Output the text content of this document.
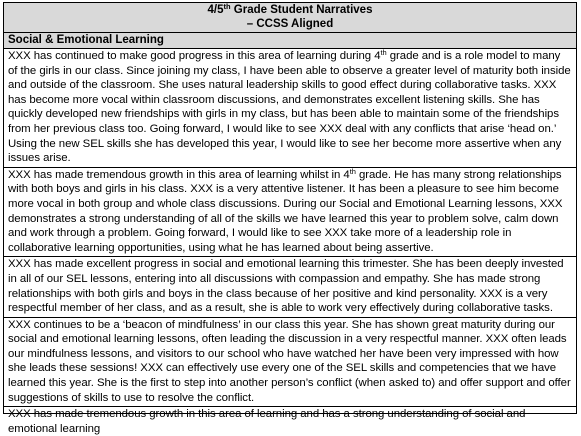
4/5th Grade Student Narratives
– CCSS Aligned

Social & Emotional Learning
XXX has continued to make good progress in this area of learning during 4th grade and is a role model to many of the girls in our class. Since joining my class, I have been able to observe a greater level of maturity both inside and outside of the classroom. She uses natural leadership skills to good effect during collaborative tasks. XXX has become more vocal within classroom discussions, and demonstrates excellent listening skills. She has quickly developed new friendships with girls in my class, but has been able to maintain some of the friendships from her previous class too. Going forward, I would like to see XXX deal with any conflicts that arise ‘head on.’ Using the new SEL skills she has developed this year, I would like to see her become more assertive when any issues arise.
XXX has made tremendous growth in this area of learning whilst in 4th grade. He has many strong relationships with both boys and girls in his class. XXX is a very attentive listener. It has been a pleasure to see him become more vocal in both group and whole class discussions. During our Social and Emotional Learning lessons, XXX demonstrates a strong understanding of all of the skills we have learned this year to problem solve, calm down and work through a problem. Going forward, I would like to see XXX take more of a leadership role in collaborative learning opportunities, using what he has learned about being assertive.
XXX has made excellent progress in social and emotional learning this trimester. She has been deeply invested in all of our SEL lessons, entering into all discussions with compassion and empathy. She has made strong relationships with both girls and boys in the class because of her positive and kind personality. XXX is a very respectful member of her class, and as a result, she is able to work very effectively during collaborative tasks.
XXX continues to be a ‘beacon of mindfulness’ in our class this year. She has shown great maturity during our social and emotional learning lessons, often leading the discussion in a very respectful manner. XXX often leads our mindfulness lessons, and visitors to our school who have watched her have been very impressed with how she leads these sessions! XXX can effectively use every one of the SEL skills and competencies that we have learned this year. She is the first to step into another person’s conflict (when asked to) and offer support and offer suggestions of skills to use to resolve the conflict.

XXX has made tremendous growth in this area of learning and has a strong understanding of social and emotional learning
